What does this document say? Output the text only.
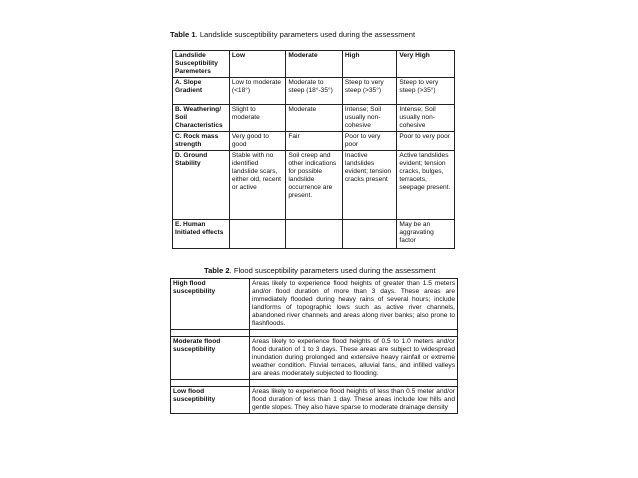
Table 1. Landslide susceptibility parameters used during the assessment
Landslide Susceptibility Paremeters	Low	Moderate	High	Very High
A. Slope Gradient	Low to moderate (<18°)	Moderate to steep (18°-35°)	Steep to very steep (>35°)	Steep to very steep (>35°)
B. Weathering/ Soil Characteristics	Slight to moderate	Moderate	Intense; Soil usually non-cohesive	Intense; Soil usually non-cohesive
C. Rock mass strength	Very good to good	Fair	Poor to very poor	Poor to very poor
D. Ground Stability	Stable with no identified landslide scars, either old, recent or active	Soil creep and other indications for possible landslide occurrence are present.	Inactive landslides evident; tension cracks present	Active landslides evident; tension cracks, bulges, terracets, seepage present.
E. Human Initiated effects				May be an aggravating factor
Table 2. Flood susceptibility parameters used during the assessment
High flood susceptibility	Areas likely to experience flood heights of greater than 1.5 meters and/or flood duration of more than 3 days. These areas are immediately flooded during heavy rains of several hours; include landforms of topographic lows such as active river channels, abandoned river channels and areas along river banks; also prone to flashfloods.

Moderate flood susceptibility	Areas likely to experience flood heights of 0.5 to 1.0 meters and/or flood duration of 1 to 3 days. These areas are subject to widespread inundation during prolonged and extensive heavy rainfall or extreme weather condition. Fluvial terraces, alluvial fans, and infilled valleys are areas moderately subjected to flooding.

Low flood susceptibility	Areas likely to experience flood heights of less than 0.5 meter and/or flood duration of less than 1 day. These areas include low hills and gentle slopes. They also have sparse to moderate drainage density
